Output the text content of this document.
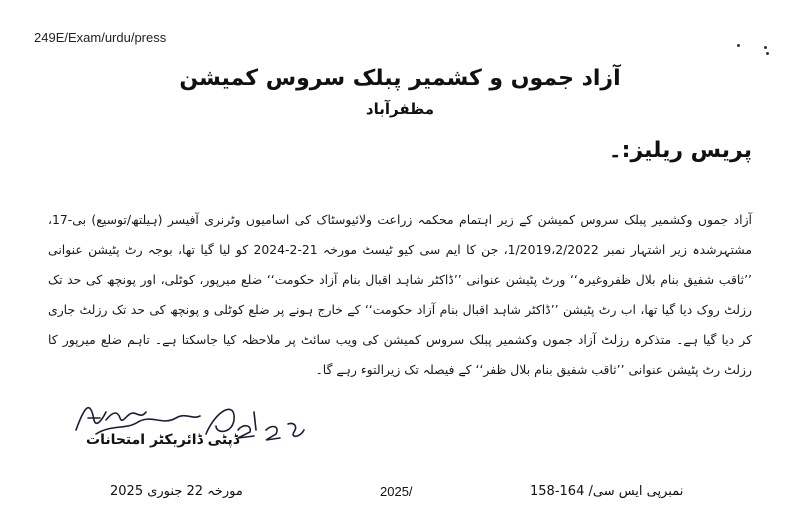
249E/Exam/urdu/press
آزاد جموں و کشمیر پبلک سروس کمیشن
مظفرآباد
پریس ریلیز:۔
آزاد جموں وکشمیر پبلک سروس کمیشن کے زیر اہتمام محکمہ زراعت ولائیوسٹاک کی اسامیوں وٹرنری آفیسر (ہیلتھ/توسیع) بی-17، مشتہرشدہ زیر اشتہار نمبر 1/2019،2/2022، جن کا ایم سی کیو ٹیسٹ مورخہ 21-2-2024 کو لیا گیا تھا، بوجہ رٹ پٹیشن عنوانی ’’ثاقب شفیق بنام بلال ظفروغیرہ‘‘ ورٹ پٹیشن عنوانی ’’ڈاکٹر شاہد اقبال بنام آزاد حکومت‘‘ ضلع میرپور، کوٹلی، اور پونچھ کی حد تک رزلٹ روک دیا گیا تھا، اب رٹ پٹیشن ’’ڈاکٹر شاہد اقبال بنام آزاد حکومت‘‘ کے خارج ہونے پر ضلع کوٹلی و پونچھ کی حد تک رزلٹ جاری کر دیا گیا ہے۔ متذکرہ رزلٹ آزاد جموں وکشمیر پبلک سروس کمیشن کی ویب سائٹ پر ملاحظہ کیا جاسکتا ہے۔ تاہم ضلع میرپور کا رزلٹ رٹ پٹیشن عنوانی ’’ثاقب شفیق بنام بلال ظفر‘‘ کے فیصلہ تک زیرالتوء رہے گا۔
ڈپٹی ڈائریکٹر امتحانات
مورخہ 22 جنوری 2025	2025/	نمبرپی ایس سی/ 164-158
